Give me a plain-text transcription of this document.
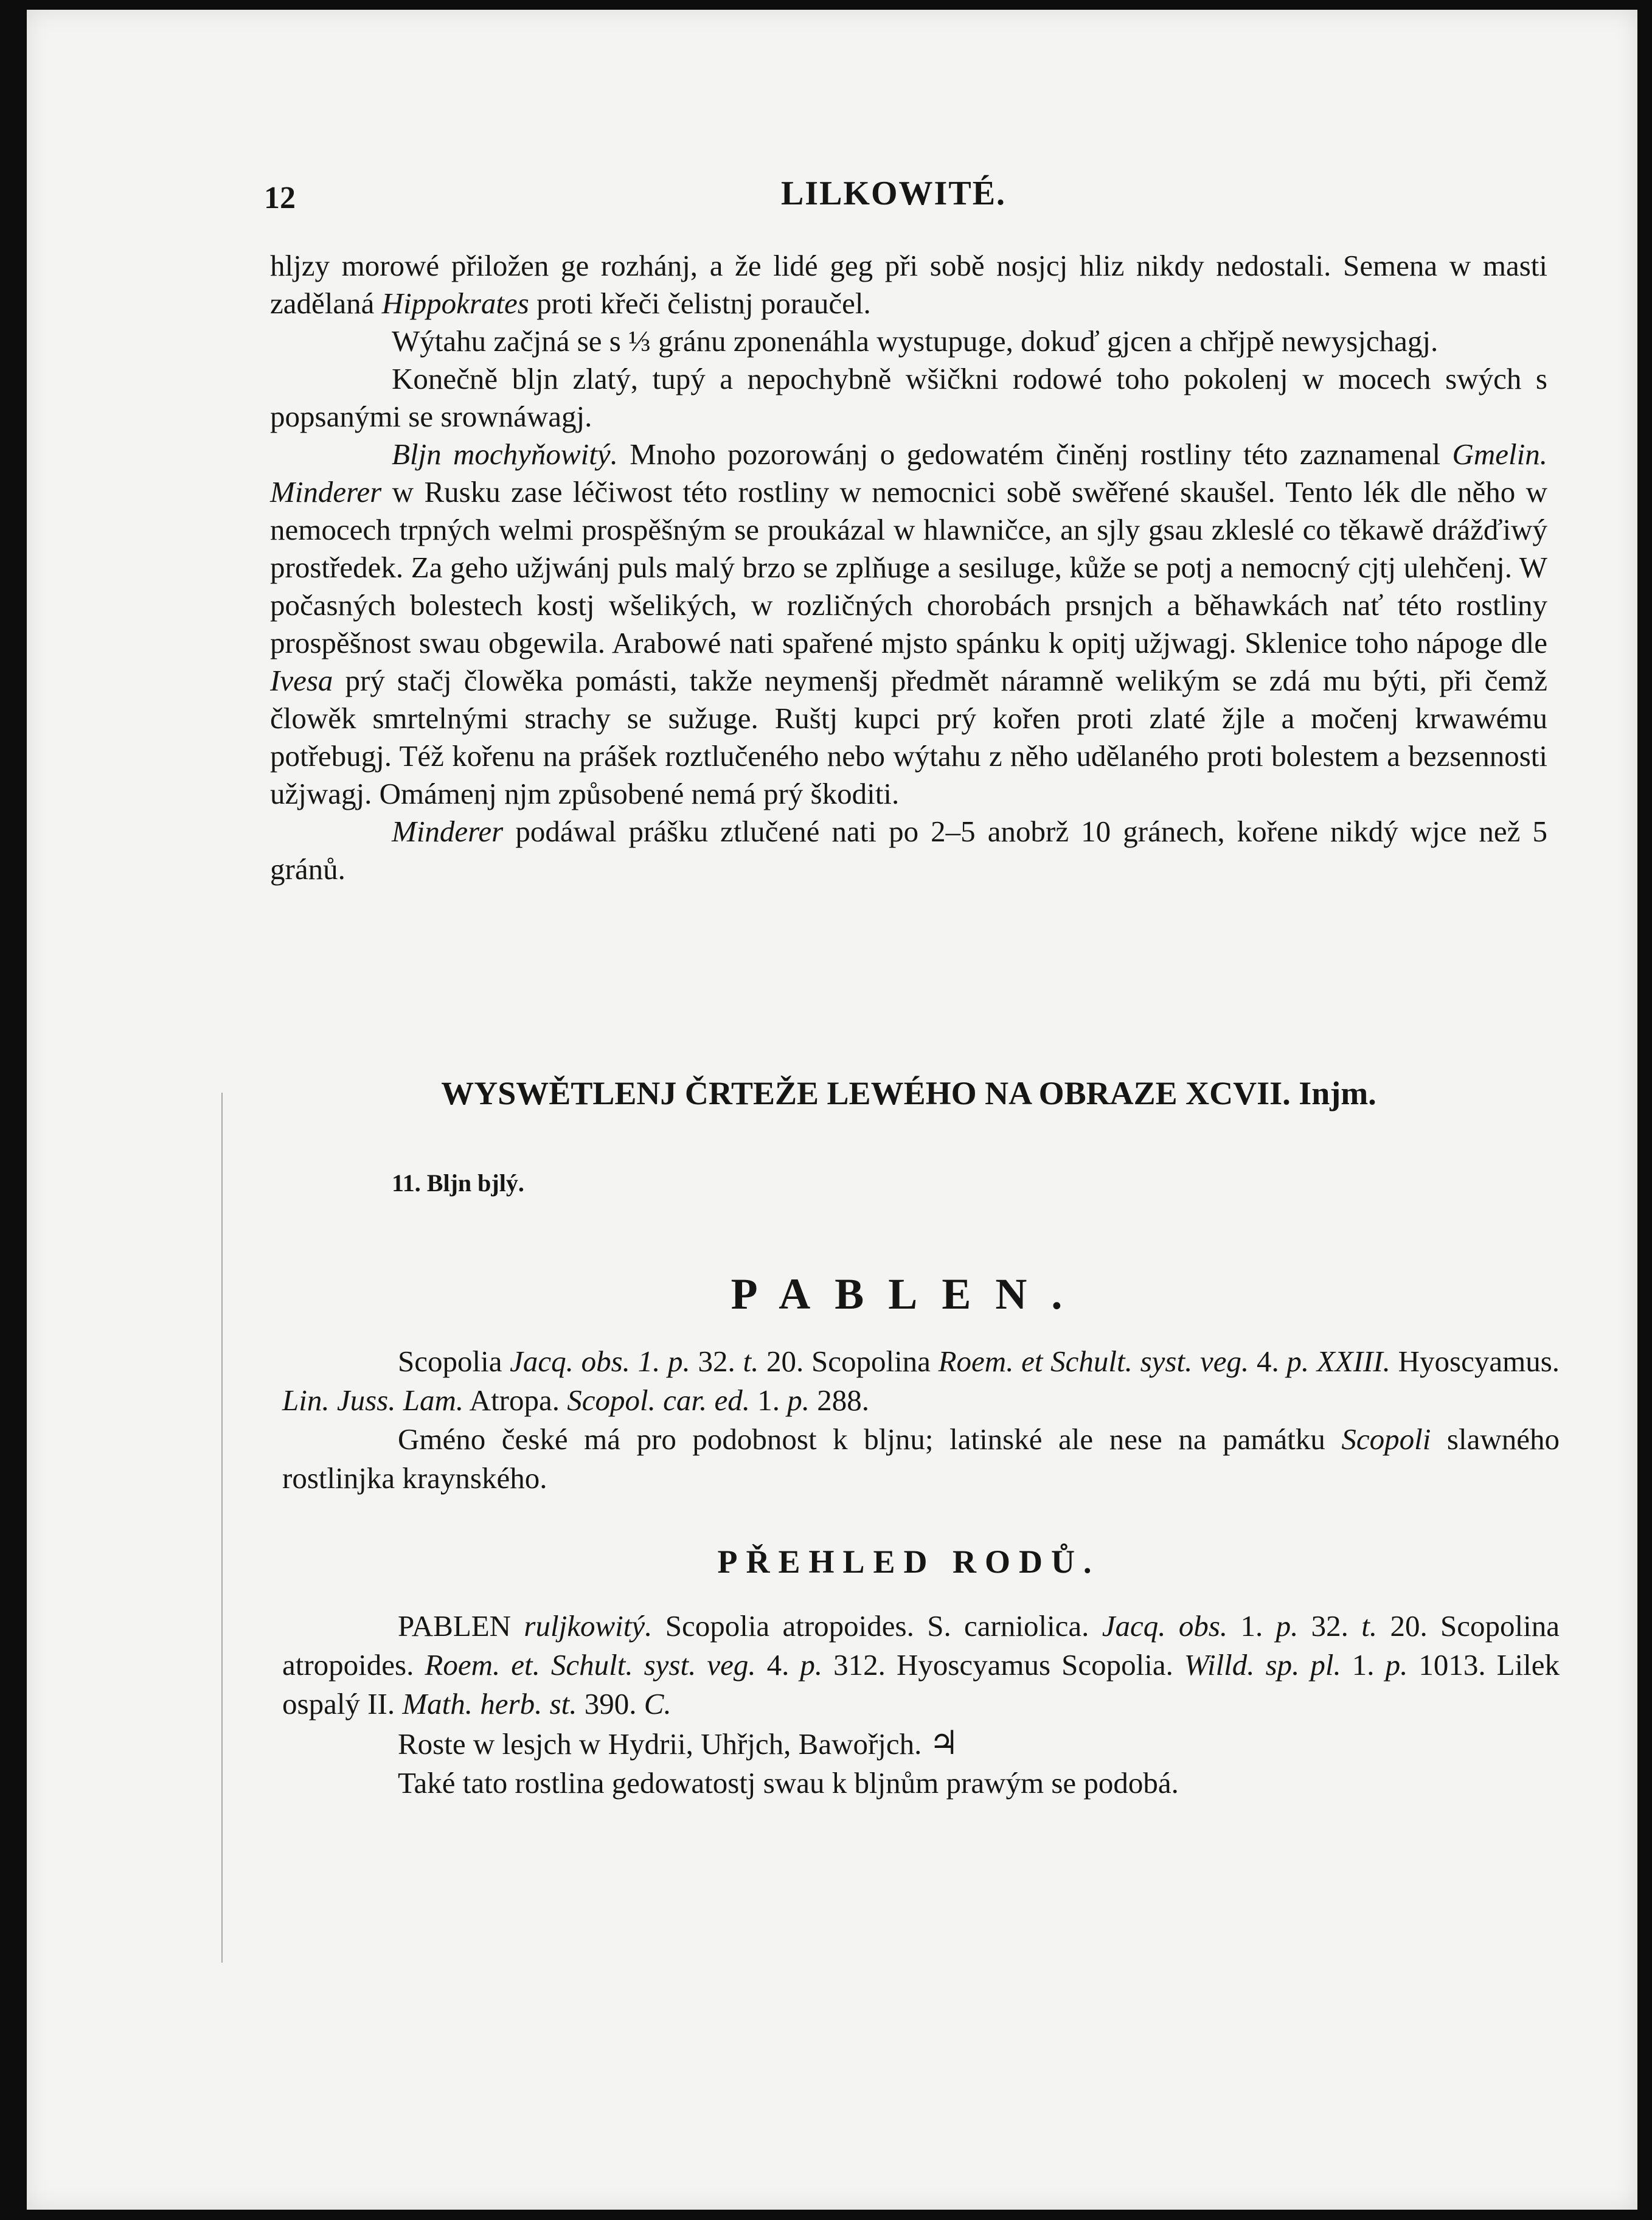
12	LILKOWITÉ.

hljzy morowé přiložen ge rozhánj, a že lidé geg při sobě nosjcj hliz nikdy nedostali. Semena w masti zadělaná Hippokrates proti křeči čelistnj poraučel.

Wýtahu začjná se s ⅓ gránu zponenáhla wystupuge, dokuď gjcen a chřjpě newysjchagj.

Konečně bljn zlatý, tupý a nepochybně wšičkni rodowé toho pokolenj w mocech swých s popsanými se srownáwagj.

Bljn mochyňowitý. Mnoho pozorowánj o gedowatém činěnj rostliny této zaznamenal Gmelin. Minderer w Rusku zase léčiwost této rostliny w nemocnici sobě swěřené skaušel. Tento lék dle něho w nemocech trpných welmi prospěšným se proukázal w hlawničce, an sjly gsau zkleslé co těkawě drážďiwý prostředek. Za geho užjwánj puls malý brzo se zplňuge a sesiluge, kůže se potj a nemocný cjtj ulehčenj. W počasných bolestech kostj wšelikých, w rozličných chorobách prsnjch a běhawkách nať této rostliny prospěšnost swau obgewila. Arabowé nati spařené mjsto spánku k opitj užjwagj. Sklenice toho nápoge dle Ivesa prý stačj člowěka pomásti, takže neymenšj předmět náramně welikým se zdá mu býti, při čemž člowěk smrtelnými strachy se sužuge. Ruštj kupci prý kořen proti zlaté žjle a močenj krwawému potřebugj. Též kořenu na prášek roztlučeného nebo wýtahu z něho udělaného proti bolestem a bezsennosti užjwagj. Omámenj njm způsobené nemá prý škoditi.

Minderer podáwal prášku ztlučené nati po 2–5 anobrž 10 gránech, kořene nikdý wjce než 5 gránů.

WYSWĚTLENJ ČRTEŽE LEWÉHO NA OBRAZE XCVII. Injm.
11. Bljn bjlý.
PABLEN.

Scopolia Jacq. obs. 1. p. 32. t. 20. Scopolina Roem. et Schult. syst. veg. 4. p. XXIII. Hyoscyamus. Lin. Juss. Lam. Atropa. Scopol. car. ed. 1. p. 288.

Gméno české má pro podobnost k bljnu; latinské ale nese na památku Scopoli slawného rostlinjka kraynského.

PŘEHLED RODŮ.

PABLEN ruljkowitý. Scopolia atropoides. S. carniolica. Jacq. obs. 1. p. 32. t. 20. Scopolina atropoides. Roem. et. Schult. syst. veg. 4. p. 312. Hyoscyamus Scopolia. Willd. sp. pl. 1. p. 1013. Lilek ospalý II. Math. herb. st. 390. C.

Roste w lesjch w Hydrii, Uhřjch, Bawořjch. ♃

Také tato rostlina gedowatostj swau k bljnům prawým se podobá.
